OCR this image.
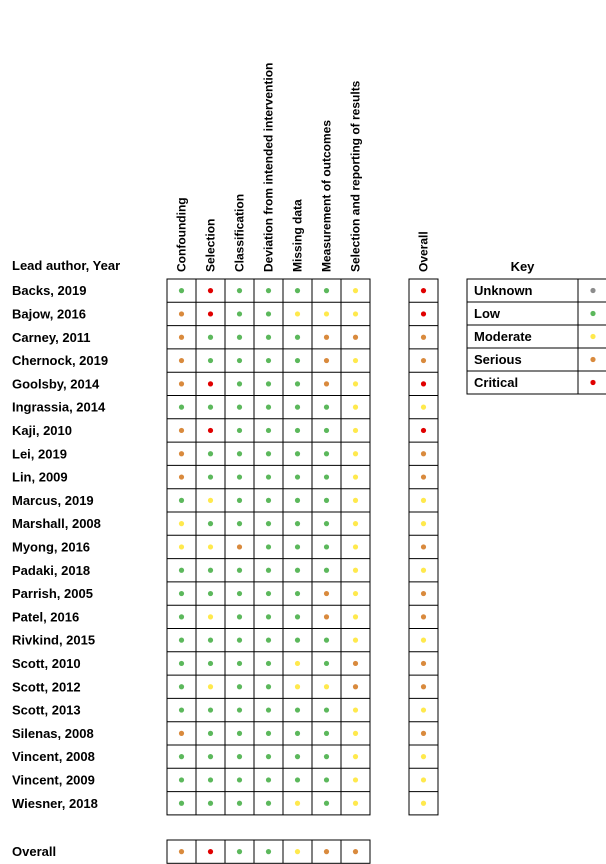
Confounding Selection Classification Deviation from intended intervention Missing data Measurement of outcomes Selection and reporting of results	Overall
Lead author, Year
Backs, 2019
Bajow, 2016
Carney, 2011
Chernock, 2019
Goolsby, 2014
Ingrassia, 2014
Kaji, 2010
Lei, 2019
Lin, 2009
Marcus, 2019
Marshall, 2008
Myong, 2016
Padaki, 2018
Parrish, 2005
Patel, 2016
Rivkind, 2015
Scott, 2010
Scott, 2012
Scott, 2013
Silenas, 2008
Vincent, 2008
Vincent, 2009
Wiesner, 2018
Overall
Key
Unknown
Low
Moderate
Serious
Critical
